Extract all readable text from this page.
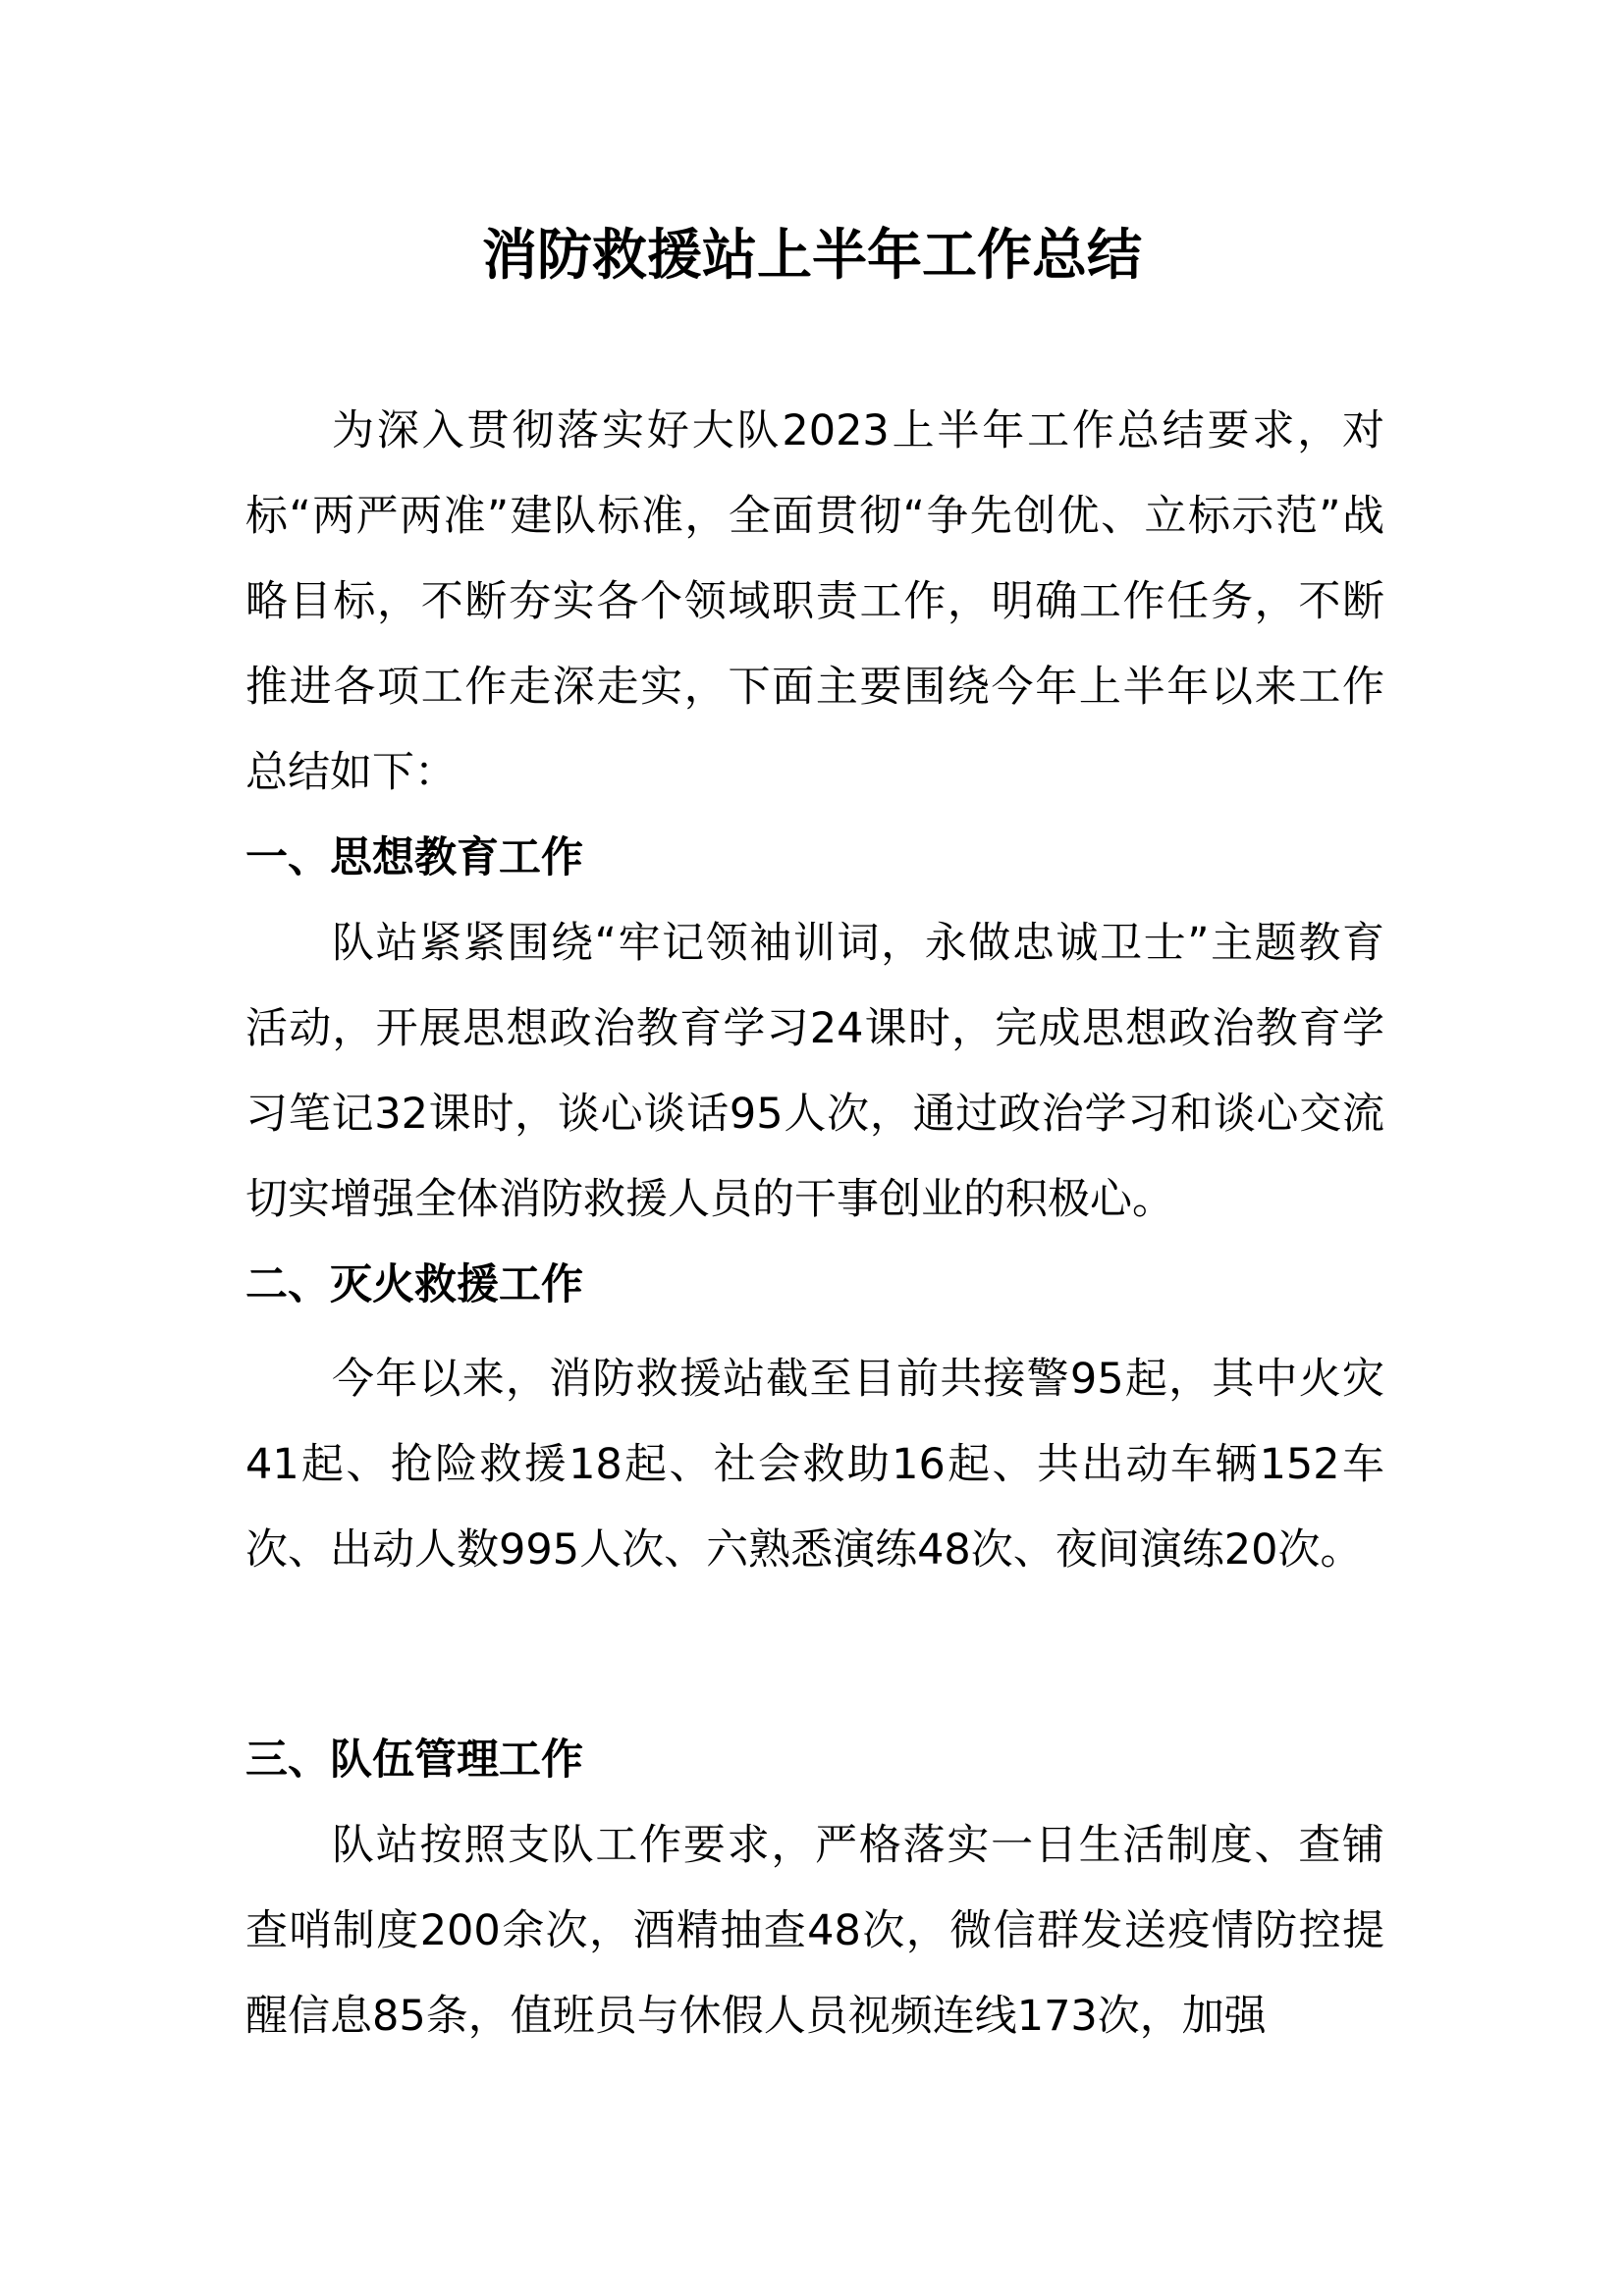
消防救援站上半年工作总结

为深入贯彻落实好大队2023上半年工作总结要求，对标“两严两准”建队标准，全面贯彻“争先创优、立标示范”战略目标，不断夯实各个领域职责工作，明确工作任务，不断推进各项工作走深走实，下面主要围绕今年上半年以来工作总结如下：

一、思想教育工作

队站紧紧围绕“牢记领袖训词，永做忠诚卫士”主题教育活动，开展思想政治教育学习24课时，完成思想政治教育学习笔记32课时，谈心谈话95人次，通过政治学习和谈心交流切实增强全体消防救援人员的干事创业的积极心。

二、灭火救援工作

今年以来，消防救援站截至目前共接警95起，其中火灾41起、抢险救援18起、社会救助16起、共出动车辆152车次、出动人数995人次、六熟悉演练48次、夜间演练20次。

三、队伍管理工作

队站按照支队工作要求，严格落实一日生活制度、查铺查哨制度200余次，酒精抽查48次，微信群发送疫情防控提醒信息85条，值班员与休假人员视频连线173次，加强
